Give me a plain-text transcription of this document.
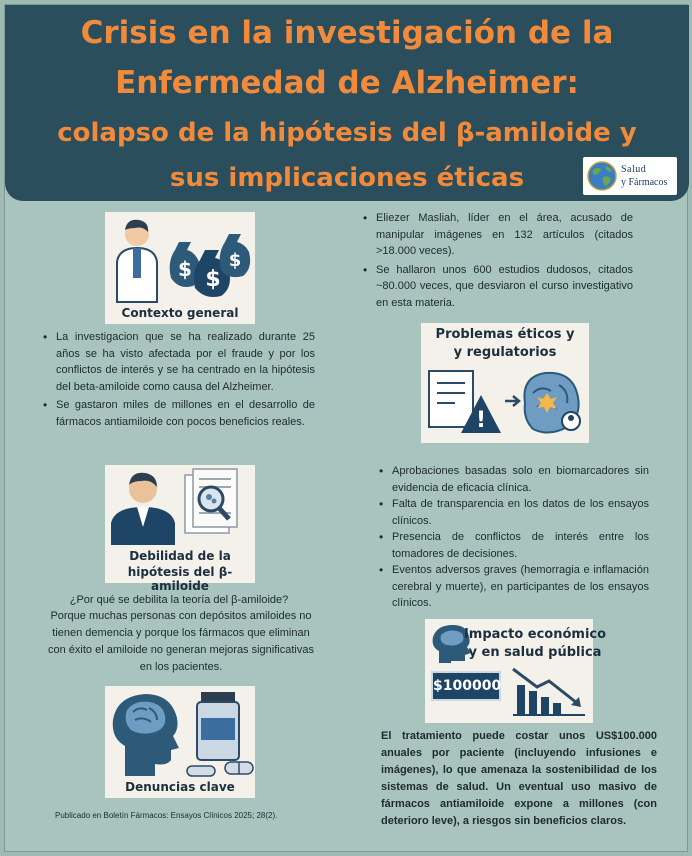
Crisis en la investigación de la
Enfermedad de Alzheimer:
colapso de la hipótesis del β-amiloide y
sus implicaciones éticas	Salud
y Fármacos
$ $
$
Contexto general
• La investigacion que se ha realizado durante 25 años se ha visto afectada por el fraude y por los conflictos de interés y se ha centrado en la hipótesis del beta-amiloide como causa del Alzheimer.
• Se gastaron miles de millones en el desarrollo de fármacos antiamiloide con pocos beneficios reales.
Debilidad de la
hipótesis del β-amiloide
¿Por qué se debilita la teoría del β-amiloide?
Porque muchas personas con depósitos amiloides no tienen demencia y porque los fármacos que eliminan con éxito el amiloide no generan mejoras significativas en los pacientes.
Denuncias clave
Publicado en Boletín Fármacos: Ensayos Clínicos 2025; 28(2).
• Eliezer Masliah, líder en el área, acusado de manipular imágenes en 132 artículos (citados >18.000 veces).
• Se hallaron unos 600 estudios dudosos, citados ~80.000 veces, que desviaron el curso investigativo en esta materia.
Problemas éticos y
y regulatorios
!
• Aprobaciones basadas solo en biomarcadores sin evidencia de eficacia clínica.
• Falta de transparencia en los datos de los ensayos clínicos.
• Presencia de conflictos de interés entre los tomadores de decisiones.
• Eventos adversos graves (hemorragia e inflamación cerebral y muerte), en participantes de los ensayos clínicos.
Impacto económico
y en salud pública
$100000
El tratamiento puede costar unos US$100.000 anuales por paciente (incluyendo infusiones e imágenes), lo que amenaza la sostenibilidad de los sistemas de salud. Un eventual uso masivo de fármacos antiamiloide expone a millones (con deterioro leve), a riesgos sin beneficios claros.
